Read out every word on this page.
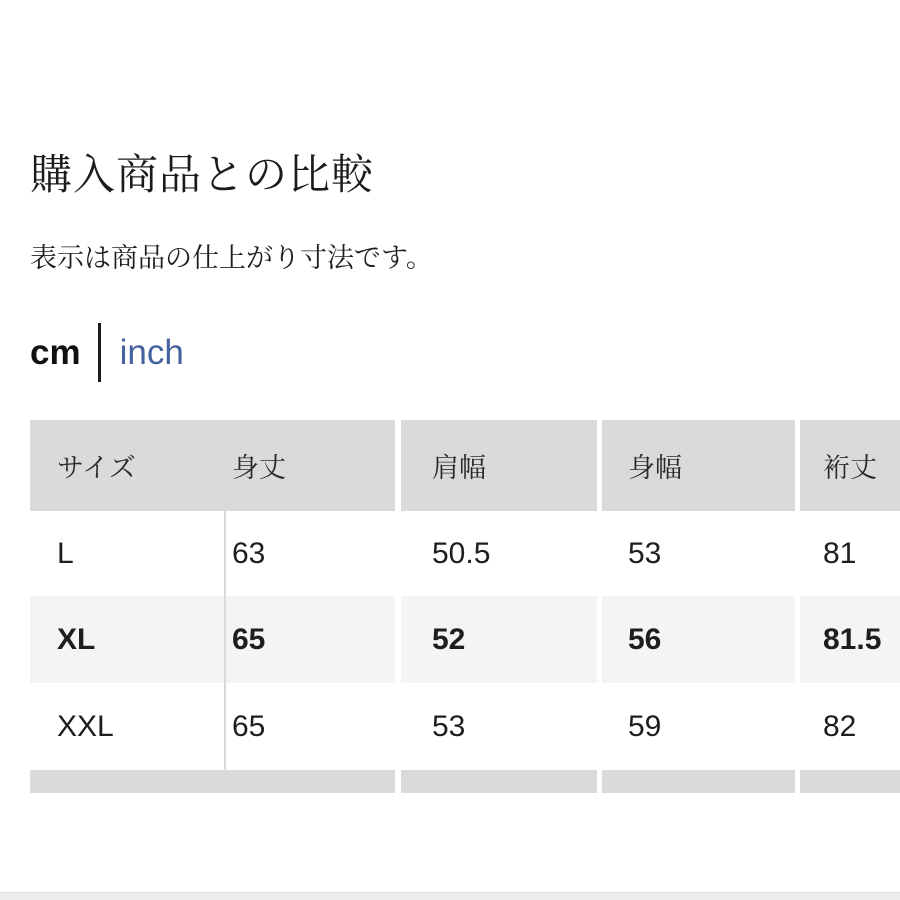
購入商品との比較

表示は商品の仕上がり寸法です。

cm inch
サイズ	身丈	肩幅	身幅	裄丈
L	63	50.5	53	81
XL	65	52	56	81.5
XXL	65	53	59	82
